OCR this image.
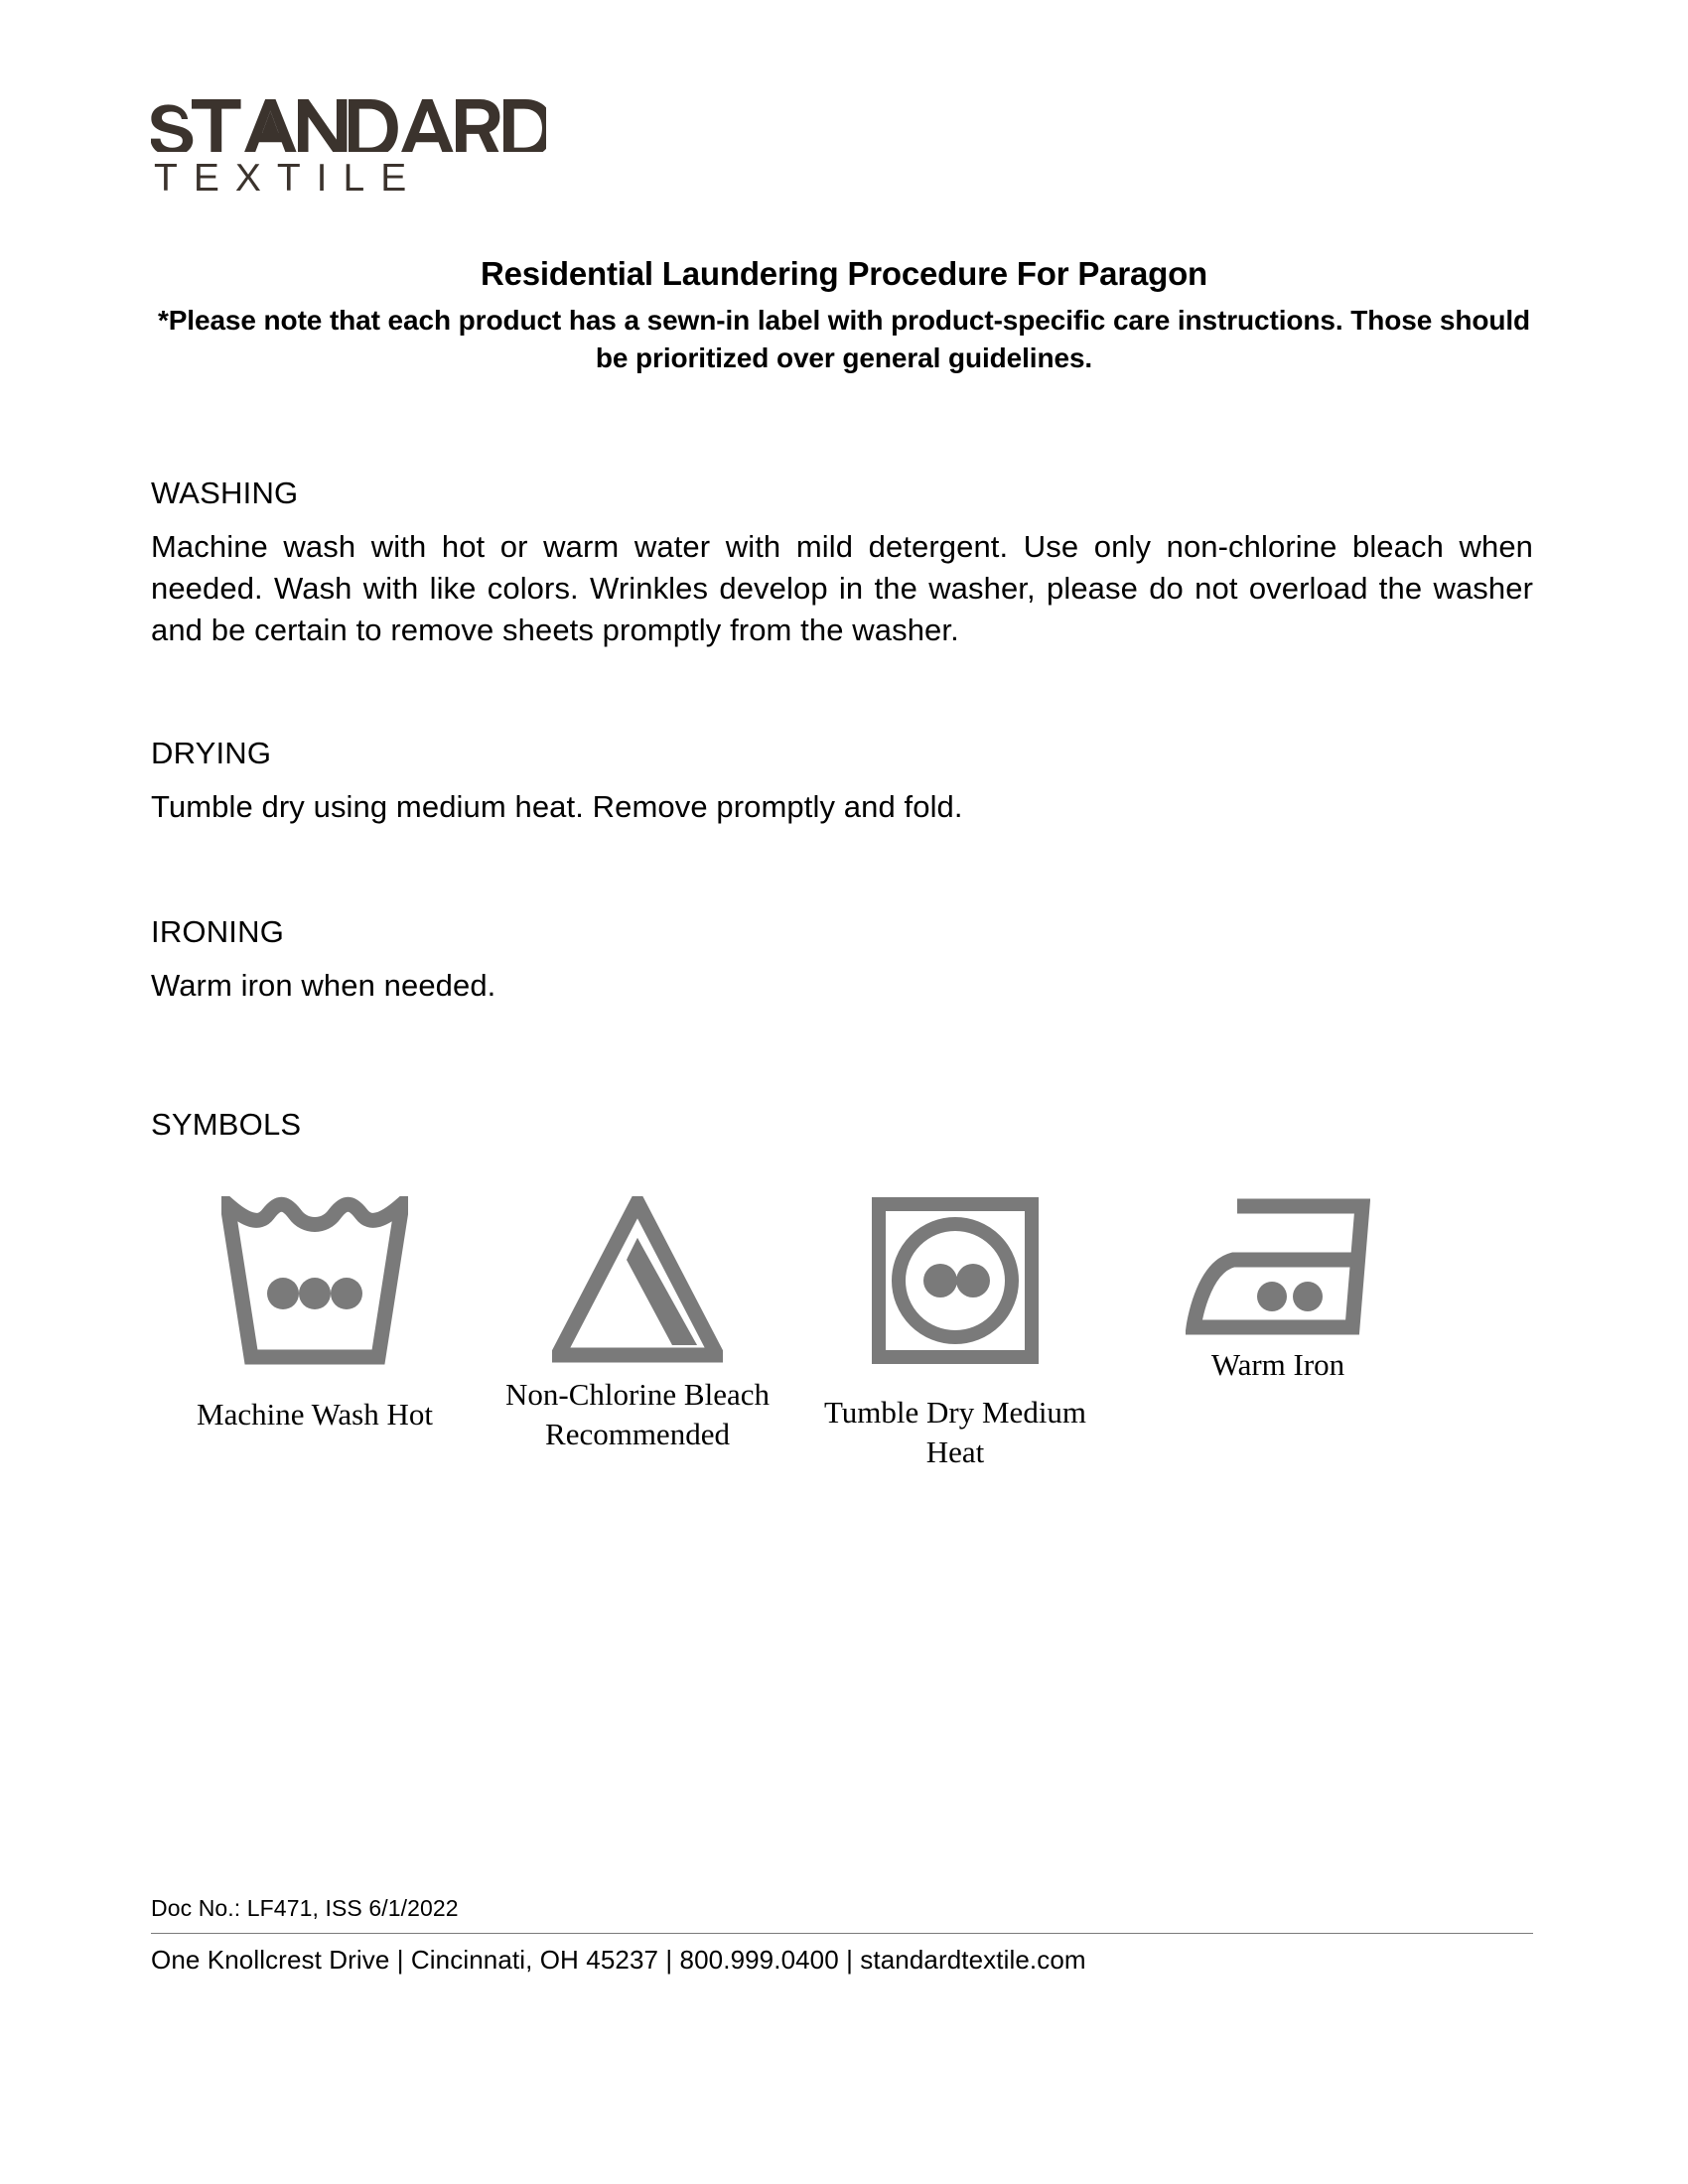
TEXTILE

Residential Laundering Procedure For Paragon

*Please note that each product has a sewn-in label with product-specific care instructions. Those should be prioritized over general guidelines.

WASHING

Machine wash with hot or warm water with mild detergent. Use only non-chlorine bleach when needed. Wash with like colors. Wrinkles develop in the washer, please do not overload the washer and be certain to remove sheets promptly from the washer.

DRYING

Tumble dry using medium heat. Remove promptly and fold.

IRONING

Warm iron when needed.

SYMBOLS

Machine Wash Hot
Non-Chlorine Bleach Recommended
Tumble Dry Medium Heat
Warm Iron

Doc No.: LF471, ISS 6/1/2022

One Knollcrest Drive | Cincinnati, OH 45237 | 800.999.0400 | standardtextile.com
